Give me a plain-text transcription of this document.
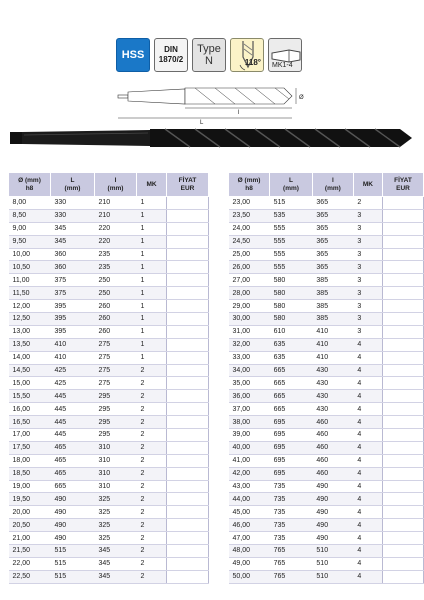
HSS DIN
1870/2
Type
N	118° MK1-4
Ø
l
L
Ø (mm)
h8	L
(mm)	l
(mm)	MK	FİYAT
EUR
8,00	330	210	1	
8,50	330	210	1	
9,00	345	220	1	
9,50	345	220	1	
10,00	360	235	1	
10,50	360	235	1	
11,00	375	250	1	
11,50	375	250	1	
12,00	395	260	1	
12,50	395	260	1	
13,00	395	260	1	
13,50	410	275	1	
14,00	410	275	1	
14,50	425	275	2	
15,00	425	275	2	
15,50	445	295	2	
16,00	445	295	2	
16,50	445	295	2	
17,00	445	295	2	
17,50	465	310	2	
18,00	465	310	2	
18,50	465	310	2	
19,00	665	310	2	
19,50	490	325	2	
20,00	490	325	2	
20,50	490	325	2	
21,00	490	325	2	
21,50	515	345	2	
22,00	515	345	2	
22,50	515	345	2	
Ø (mm)
h8	L
(mm)	l
(mm)	MK	FİYAT
EUR
23,00	515	365	2	
23,50	535	365	3	
24,00	555	365	3	
24,50	555	365	3	
25,00	555	365	3	
26,00	555	365	3	
27,00	580	385	3	
28,00	580	385	3	
29,00	580	385	3	
30,00	580	385	3	
31,00	610	410	3	
32,00	635	410	4	
33,00	635	410	4	
34,00	665	430	4	
35,00	665	430	4	
36,00	665	430	4	
37,00	665	430	4	
38,00	695	460	4	
39,00	695	460	4	
40,00	695	460	4	
41,00	695	460	4	
42,00	695	460	4	
43,00	735	490	4	
44,00	735	490	4	
45,00	735	490	4	
46,00	735	490	4	
47,00	735	490	4	
48,00	765	510	4	
49,00	765	510	4	
50,00	765	510	4	
